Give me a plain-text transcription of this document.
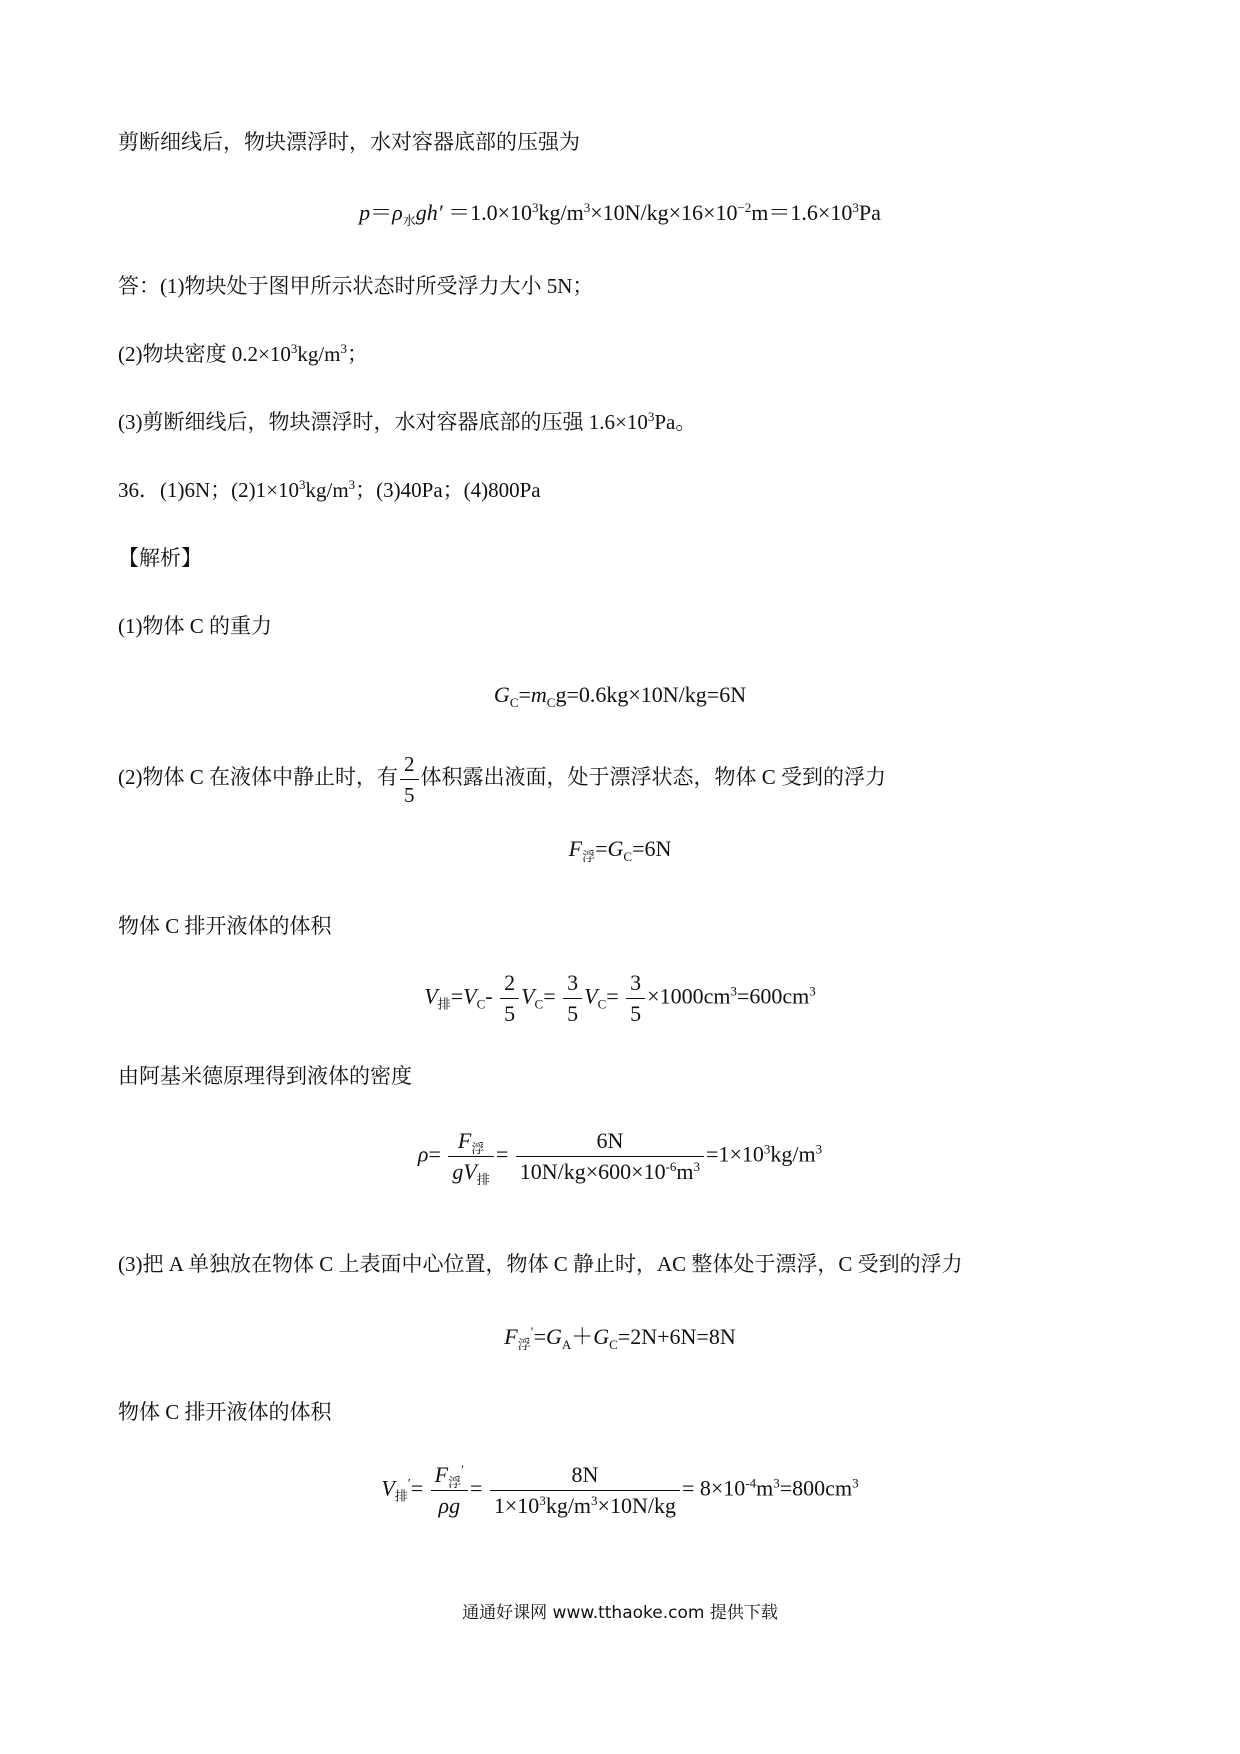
剪断细线后，物块漂浮时，水对容器底部的压强为
$p=\rho_水gh' =1.0\times 10^3kg/m^3\times 10N/kg\times 16\times 10^{-2}m=1.6\times 10^3Pa$
答：(1)物块处于图甲所示状态时所受浮力大小 5N；
(2)物块密度 $0.2\times 10^3kg/m^3$；
(3)剪断细线后，物块漂浮时，水对容器底部的压强 $1.6\times 10^3Pa$。
36．(1)6N；$(2)1\times 10^3kg/m^3$；(3)40Pa；(4)800Pa
【解析】
(1)物体 C 的重力
$G_C=m_Cg=0.6kg\times 10N/kg=6N$
(2)物体 C 在液体中静止时，有 $\frac{2}{5}$ 体积露出液面，处于漂浮状态，物体 C 受到的浮力
$F_浮=G_C=6N$
物体 C 排开液体的体积
$V_排=V_C- \frac{2}{5} V_C= \frac{3}{5} V_C= \frac{3}{5} \times 1000cm^3=600cm^3$
由阿基米德原理得到液体的密度
$\rho= \frac{F_浮}{gV_排} = \frac{6N}{10N/kg\times 600\times 10^{-6}m^3} =1\times 10^3kg/m^3$
(3)把 A 单独放在物体 C 上表面中心位置，物体 C 静止时，AC 整体处于漂浮，C 受到的浮力
$F_浮'=G_A+G_C=2N+6N=8N$
物体 C 排开液体的体积
$V_排'= \frac{F_浮'}{\rho g} = \frac{8N}{1\times 10^3kg/m^3\times 10N/kg} = 8\times 10^{-4}m^3=800cm^3$
通通好课网 www.tthaoke.com 提供下载
